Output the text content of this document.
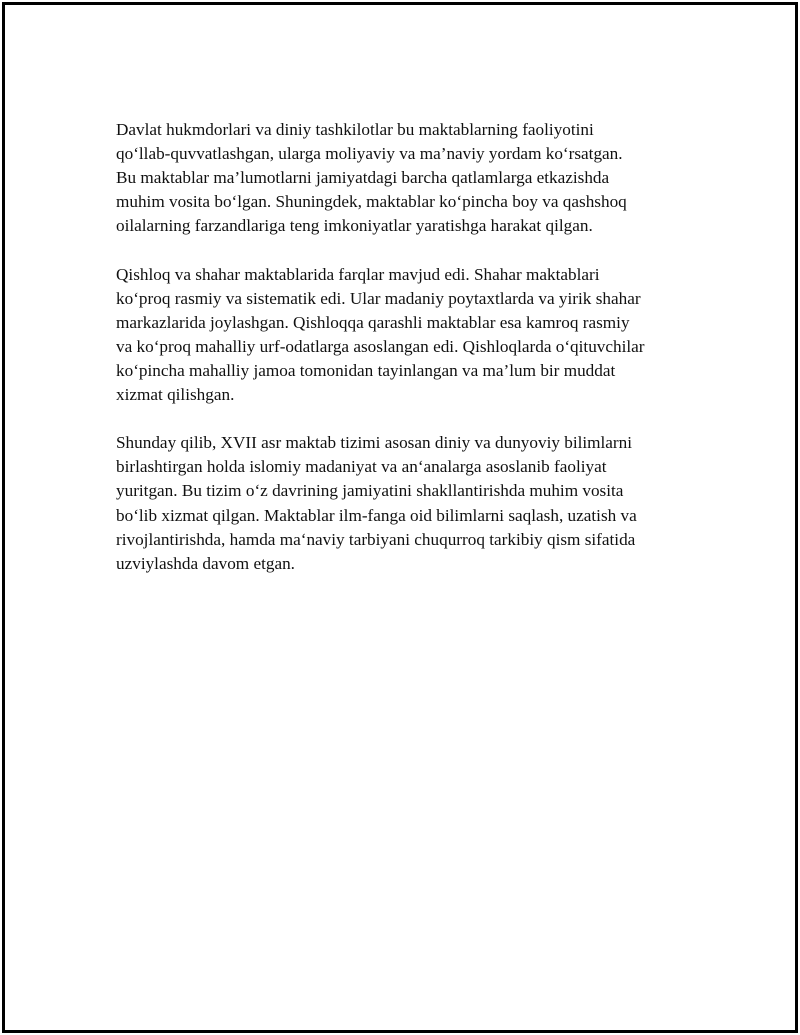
Davlat hukmdorlari va diniy tashkilotlar bu maktablarning faoliyotini
qo‘llab-quvvatlashgan, ularga moliyaviy va ma’naviy yordam ko‘rsatgan.
Bu maktablar ma’lumotlarni jamiyatdagi barcha qatlamlarga etkazishda
muhim vosita bo‘lgan. Shuningdek, maktablar ko‘pincha boy va qashshoq
oilalarning farzandlariga teng imkoniyatlar yaratishga harakat qilgan.

Qishloq va shahar maktablarida farqlar mavjud edi. Shahar maktablari
ko‘proq rasmiy va sistematik edi. Ular madaniy poytaxtlarda va yirik shahar
markazlarida joylashgan. Qishloqqa qarashli maktablar esa kamroq rasmiy
va ko‘proq mahalliy urf-odatlarga asoslangan edi. Qishloqlarda o‘qituvchilar
ko‘pincha mahalliy jamoa tomonidan tayinlangan va ma’lum bir muddat
xizmat qilishgan.

Shunday qilib, XVII asr maktab tizimi asosan diniy va dunyoviy bilimlarni
birlashtirgan holda islomiy madaniyat va an‘analarga asoslanib faoliyat
yuritgan. Bu tizim o‘z davrining jamiyatini shakllantirishda muhim vosita
bo‘lib xizmat qilgan. Maktablar ilm-fanga oid bilimlarni saqlash, uzatish va
rivojlantirishda, hamda ma‘naviy tarbiyani chuqurroq tarkibiy qism sifatida
uzviylashda davom etgan.
